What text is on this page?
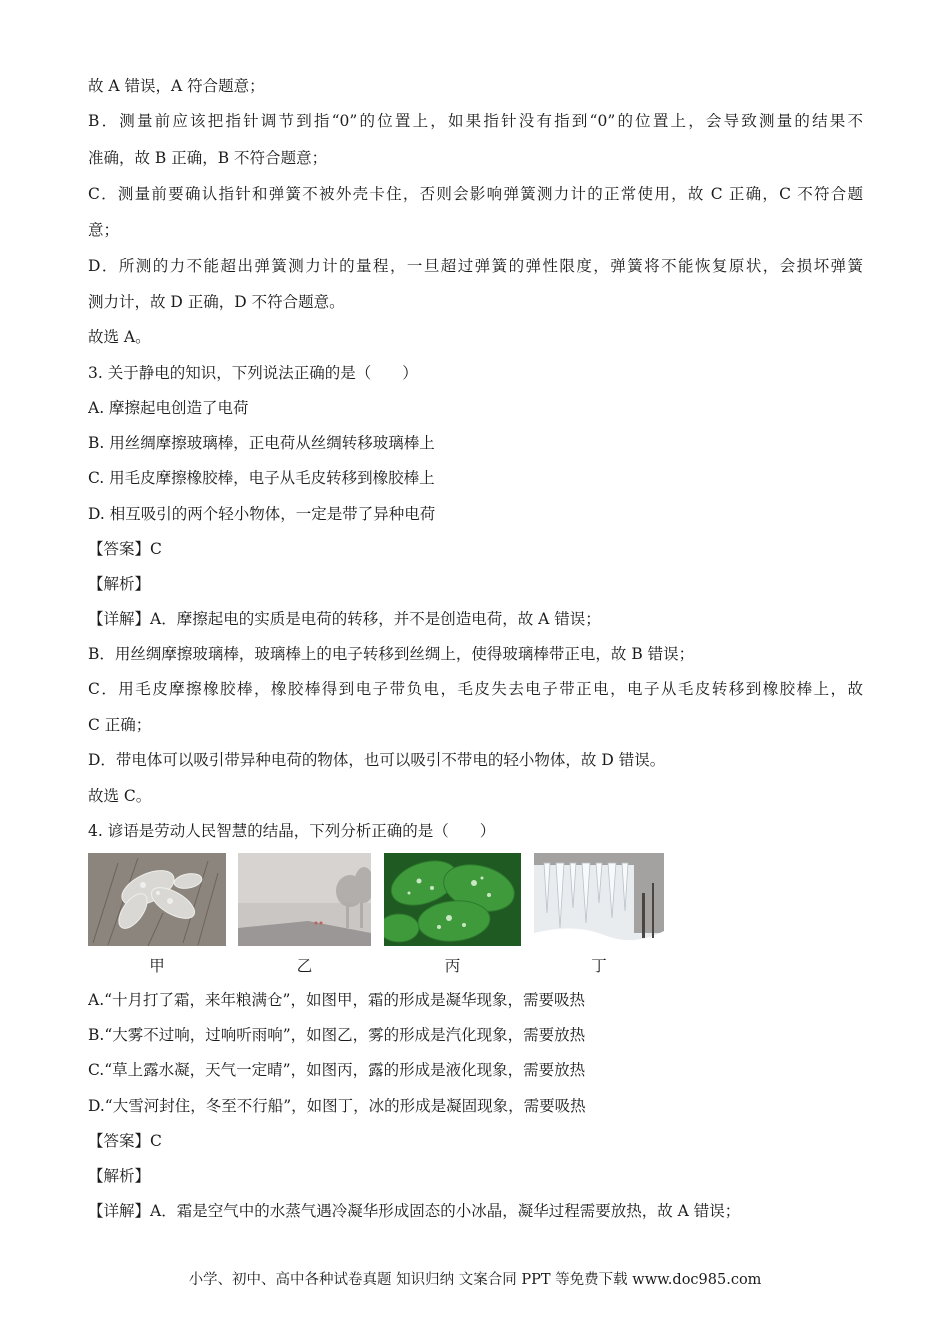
故 A 错误，A 符合题意；
B．测量前应该把指针调节到指“0”的位置上，如果指针没有指到“0”的位置上，会导致测量的结果不
准确，故 B 正确，B 不符合题意；
C．测量前要确认指针和弹簧不被外壳卡住，否则会影响弹簧测力计的正常使用，故 C 正确，C 不符合题
意；
D．所测的力不能超出弹簧测力计的量程，一旦超过弹簧的弹性限度，弹簧将不能恢复原状，会损坏弹簧
测力计，故 D 正确，D 不符合题意。
故选 A。
3. 关于静电的知识，下列说法正确的是（　　）
A. 摩擦起电创造了电荷
B. 用丝绸摩擦玻璃棒，正电荷从丝绸转移玻璃棒上
C. 用毛皮摩擦橡胶棒，电子从毛皮转移到橡胶棒上
D. 相互吸引的两个轻小物体，一定是带了异种电荷
【答案】C
【解析】
【详解】A．摩擦起电的实质是电荷的转移，并不是创造电荷，故 A 错误；
B．用丝绸摩擦玻璃棒，玻璃棒上的电子转移到丝绸上，使得玻璃棒带正电，故 B 错误；
C．用毛皮摩擦橡胶棒，橡胶棒得到电子带负电，毛皮失去电子带正电，电子从毛皮转移到橡胶棒上，故
C 正确；
D．带电体可以吸引带异种电荷的物体，也可以吸引不带电的轻小物体，故 D 错误。
故选 C。
4. 谚语是劳动人民智慧的结晶，下列分析正确的是（　　）
甲	乙	丙	丁
A.“十月打了霜，来年粮满仓”，如图甲，霜的形成是凝华现象，需要吸热
B.“大雾不过响，过响听雨响”，如图乙，雾的形成是汽化现象，需要放热
C.“草上露水凝，天气一定晴”，如图丙，露的形成是液化现象，需要放热
D.“大雪河封住，冬至不行船”，如图丁，冰的形成是凝固现象，需要吸热
【答案】C
【解析】
【详解】A．霜是空气中的水蒸气遇冷凝华形成固态的小冰晶，凝华过程需要放热，故 A 错误；
小学、初中、高中各种试卷真题 知识归纳 文案合同 PPT 等免费下载 www.doc985.com
